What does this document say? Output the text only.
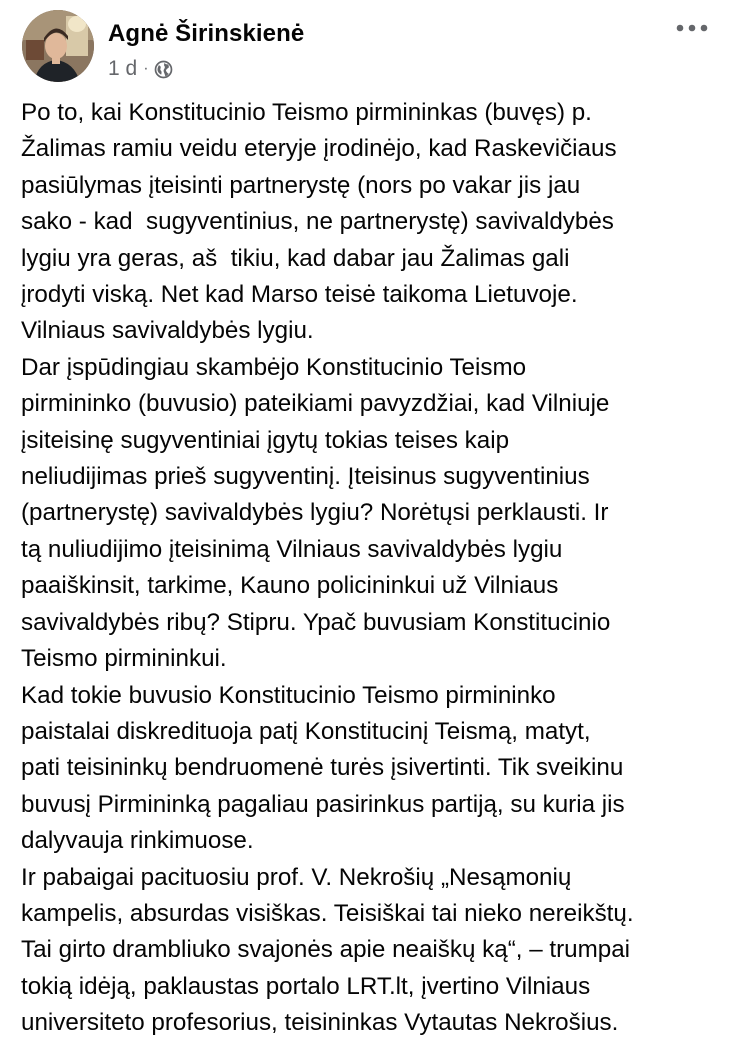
Agnė Širinskienė
1 d ·
Po to, kai Konstitucinio Teismo pirmininkas (buvęs) p.
Žalimas ramiu veidu eteryje įrodinėjo, kad Raskevičiaus
pasiūlymas įteisinti partnerystę (nors po vakar jis jau
sako - kad  sugyventinius, ne partnerystę) savivaldybės
lygiu yra geras, aš  tikiu, kad dabar jau Žalimas gali
įrodyti viską. Net kad Marso teisė taikoma Lietuvoje.
Vilniaus savivaldybės lygiu.
Dar įspūdingiau skambėjo Konstitucinio Teismo
pirmininko (buvusio) pateikiami pavyzdžiai, kad Vilniuje
įsiteisinę sugyventiniai įgytų tokias teises kaip
neliudijimas prieš sugyventinį. Įteisinus sugyventinius
(partnerystę) savivaldybės lygiu? Norėtųsi perklausti. Ir
tą nuliudijimo įteisinimą Vilniaus savivaldybės lygiu
paaiškinsit, tarkime, Kauno policininkui už Vilniaus
savivaldybės ribų? Stipru. Ypač buvusiam Konstitucinio
Teismo pirmininkui.
Kad tokie buvusio Konstitucinio Teismo pirmininko
paistalai diskredituoja patį Konstitucinį Teismą, matyt,
pati teisininkų bendruomenė turės įsivertinti. Tik sveikinu
buvusį Pirmininką pagaliau pasirinkus partiją, su kuria jis
dalyvauja rinkimuose.
Ir pabaigai pacituosiu prof. V. Nekrošių „Nesąmonių
kampelis, absurdas visiškas. Teisiškai tai nieko nereikštų.
Tai girto drambliuko svajonės apie neaiškų ką“, – trumpai
tokią idėją, paklaustas portalo LRT.lt, įvertino Vilniaus
universiteto profesorius, teisininkas Vytautas Nekrošius.
